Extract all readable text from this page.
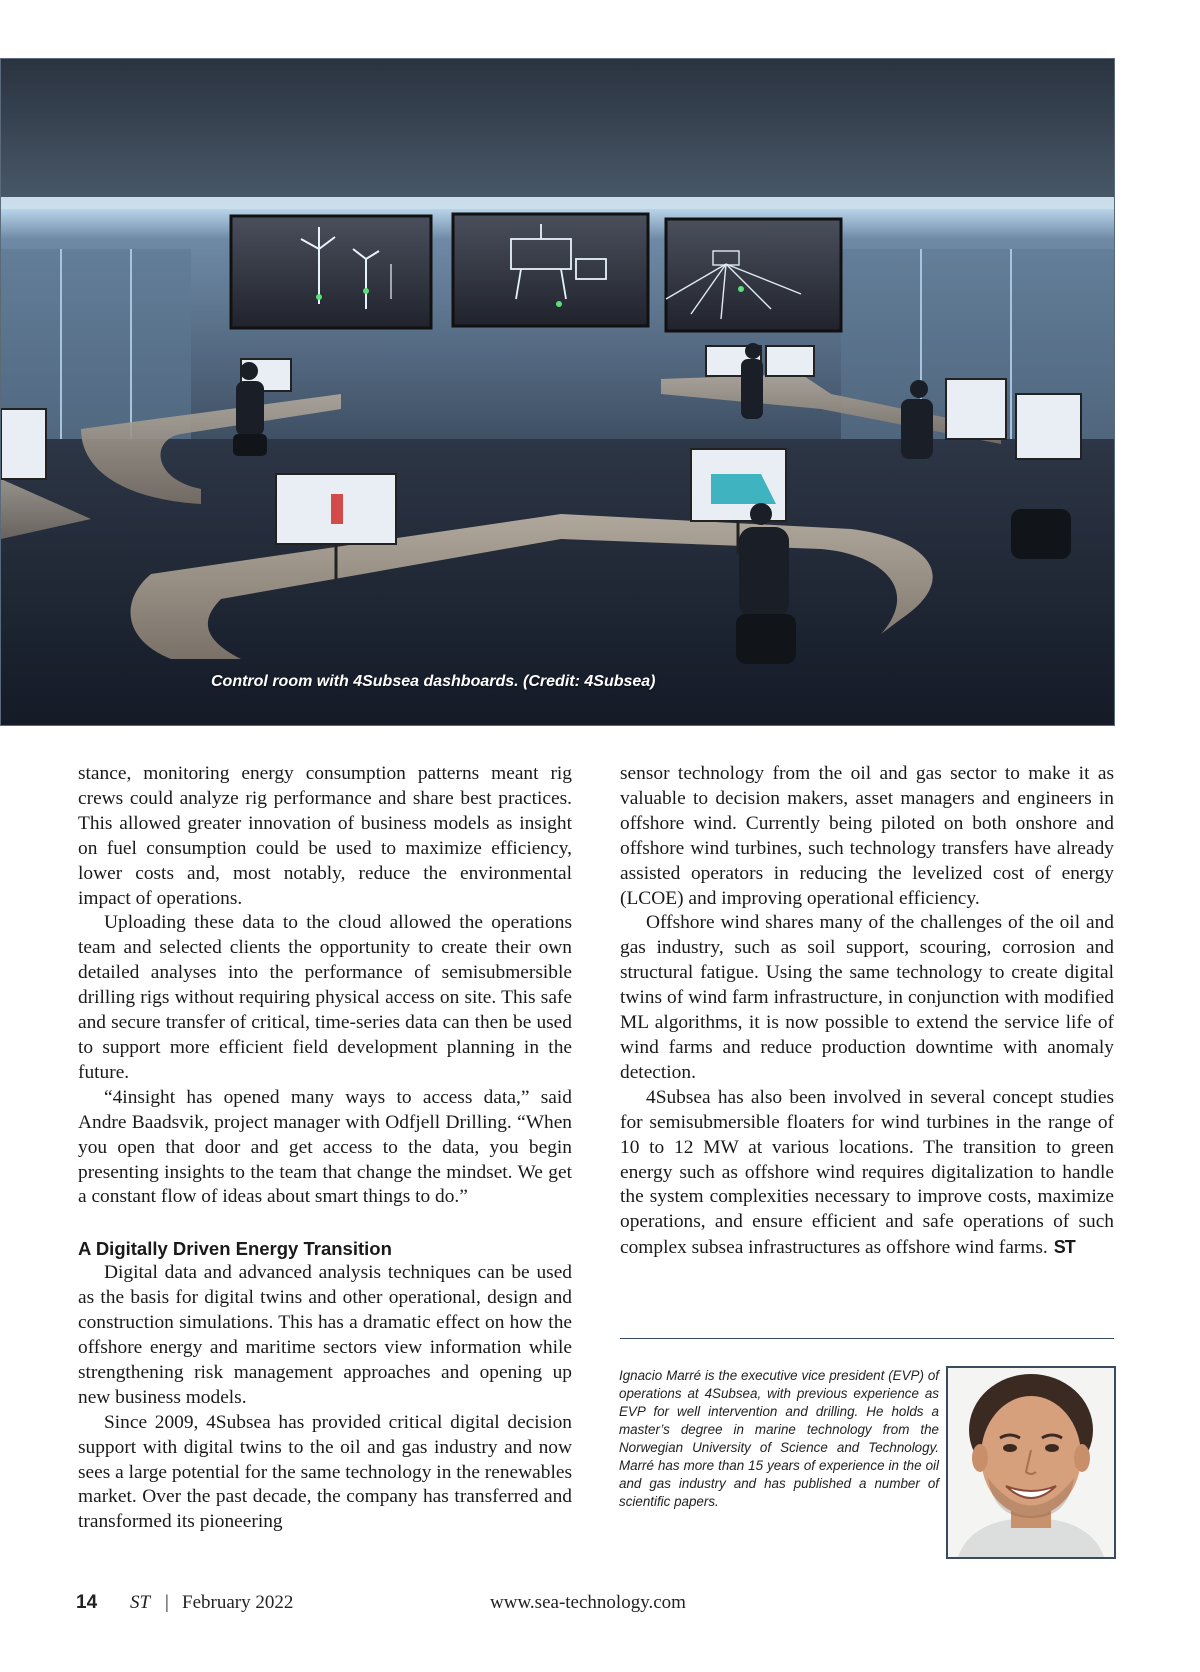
Control room with 4Subsea dashboards. (Credit: 4Subsea)

stance, monitoring energy consumption patterns meant rig crews could analyze rig performance and share best practices. This allowed greater innovation of business models as insight on fuel consumption could be used to maximize efficiency, lower costs and, most notably, reduce the environmental impact of operations.

Uploading these data to the cloud allowed the operations team and selected clients the opportunity to create their own detailed analyses into the performance of semisubmersible drilling rigs without requiring physical access on site. This safe and secure transfer of critical, time-series data can then be used to support more efficient field development planning in the future.

“4insight has opened many ways to access data,” said Andre Baadsvik, project manager with Odfjell Drilling. “When you open that door and get access to the data, you begin presenting insights to the team that change the mindset. We get a constant flow of ideas about smart things to do.”

A Digitally Driven Energy Transition

Digital data and advanced analysis techniques can be used as the basis for digital twins and other operational, design and construction simulations. This has a dramatic effect on how the offshore energy and maritime sectors view information while strengthening risk management approaches and opening up new business models.

Since 2009, 4Subsea has provided critical digital decision support with digital twins to the oil and gas industry and now sees a large potential for the same technology in the renewables market. Over the past decade, the company has transferred and transformed its pioneering

sensor technology from the oil and gas sector to make it as valuable to decision makers, asset managers and engineers in offshore wind. Currently being piloted on both onshore and offshore wind turbines, such technology transfers have already assisted operators in reducing the levelized cost of energy (LCOE) and improving operational efficiency.

Offshore wind shares many of the challenges of the oil and gas industry, such as soil support, scouring, corrosion and structural fatigue. Using the same technology to create digital twins of wind farm infrastructure, in conjunction with modified ML algorithms, it is now possible to extend the service life of wind farms and reduce production downtime with anomaly detection.

4Subsea has also been involved in several concept studies for semisubmersible floaters for wind turbines in the range of 10 to 12 MW at various locations. The transition to green energy such as offshore wind requires digitalization to handle the system complexities necessary to improve costs, maximize operations, and ensure efficient and safe operations of such complex subsea infrastructures as offshore wind farms. ST

Ignacio Marré is the executive vice president (EVP) of operations at 4Subsea, with previous experience as EVP for well intervention and drilling. He holds a master’s degree in marine technology from the Norwegian University of Science and Technology. Marré has more than 15 years of experience in the oil and gas industry and has published a number of scientific papers.
14 ST | February 2022	www.sea-technology.com
